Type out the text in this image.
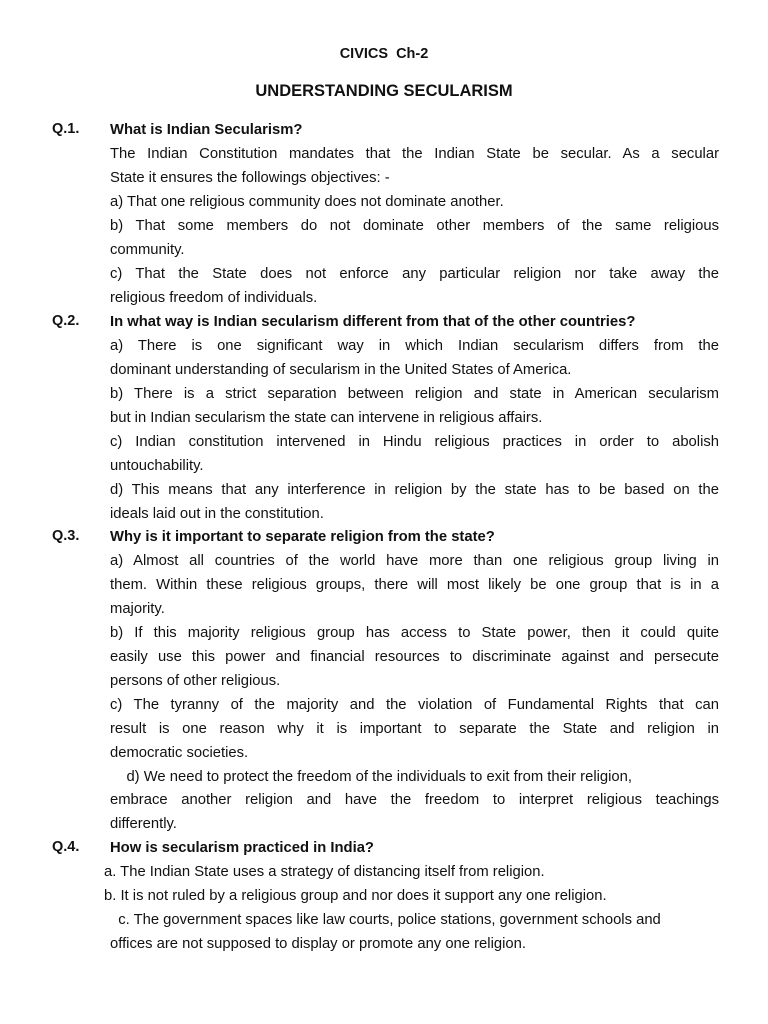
CIVICS  Ch-2
UNDERSTANDING SECULARISM
Q.1. What is Indian Secularism?
The Indian Constitution mandates that the Indian State be secular. As a secular
State it ensures the followings objectives: -
a) That one religious community does not dominate another.
b) That some members do not dominate other members of the same religious
community.
c) That the State does not enforce any particular religion nor take away the
religious freedom of individuals.
Q.2. In what way is Indian secularism different from that of the other countries?
a) There is one significant way in which Indian secularism differs from the
dominant understanding of secularism in the United States of America.
b) There is a strict separation between religion and state in American secularism
but in Indian secularism the state can intervene in religious affairs.
c) Indian constitution intervened in Hindu religious practices in order to abolish
untouchability.
d) This means that any interference in religion by the state has to be based on the
ideals laid out in the constitution.
Q.3. Why is it important to separate religion from the state?
a) Almost all countries of the world have more than one religious group living in
them. Within these religious groups, there will most likely be one group that is in a
majority.
b) If this majority religious group has access to State power, then it could quite
easily use this power and financial resources to discriminate against and persecute
persons of other religious.
c) The tyranny of the majority and the violation of Fundamental Rights that can
result is one reason why it is important to separate the State and religion in
democratic societies.
d) We need to protect the freedom of the individuals to exit from their religion,
embrace another religion and have the freedom to interpret religious teachings
differently.
Q.4. How is secularism practiced in India?
a. The Indian State uses a strategy of distancing itself from religion.
b. It is not ruled by a religious group and nor does it support any one religion.
c. The government spaces like law courts, police stations, government schools and
offices are not supposed to display or promote any one religion.
